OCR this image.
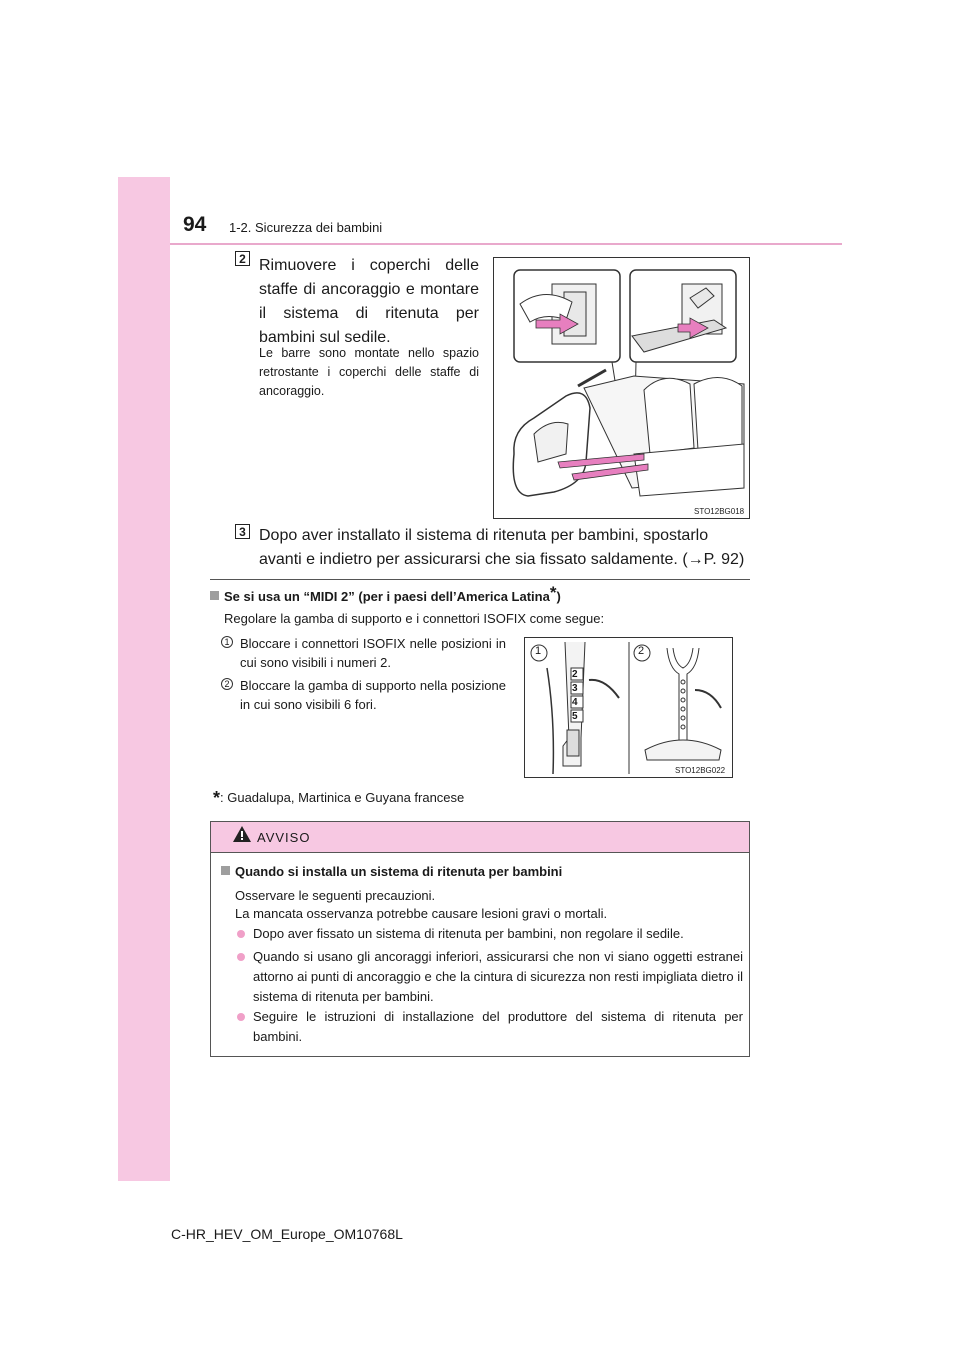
94 1-2. Sicurezza dei bambini
2 Rimuovere i coperchi delle staffe di ancoraggio e montare il sistema di ritenuta per bambini sul sedile.
Le barre sono montate nello spazio retrostante i coperchi delle staffe di ancoraggio.
STO12BG018
3 Dopo aver installato il sistema di ritenuta per bambini, spostarlo avanti e indietro per assicurarsi che sia fissato saldamente. (→P. 92)
Se si usa un “MIDI 2” (per i paesi dell’America Latina*)
Regolare la gamba di supporto e i connettori ISOFIX come segue:
1 Bloccare i connettori ISOFIX nelle posizioni in cui sono visibili i numeri 2.
2 Bloccare la gamba di supporto nella posizione in cui sono visibili 6 fori.
1	2
2
3
4
5
STO12BG022
*: Guadalupa, Martinica e Guyana francese
AVVISO
Quando si installa un sistema di ritenuta per bambini
Osservare le seguenti precauzioni.
La mancata osservanza potrebbe causare lesioni gravi o mortali.
Dopo aver fissato un sistema di ritenuta per bambini, non regolare il sedile.
Quando si usano gli ancoraggi inferiori, assicurarsi che non vi siano oggetti estranei attorno ai punti di ancoraggio e che la cintura di sicurezza non resti impigliata dietro il sistema di ritenuta per bambini.
Seguire le istruzioni di installazione del produttore del sistema di ritenuta per bambini.
C-HR_HEV_OM_Europe_OM10768L
